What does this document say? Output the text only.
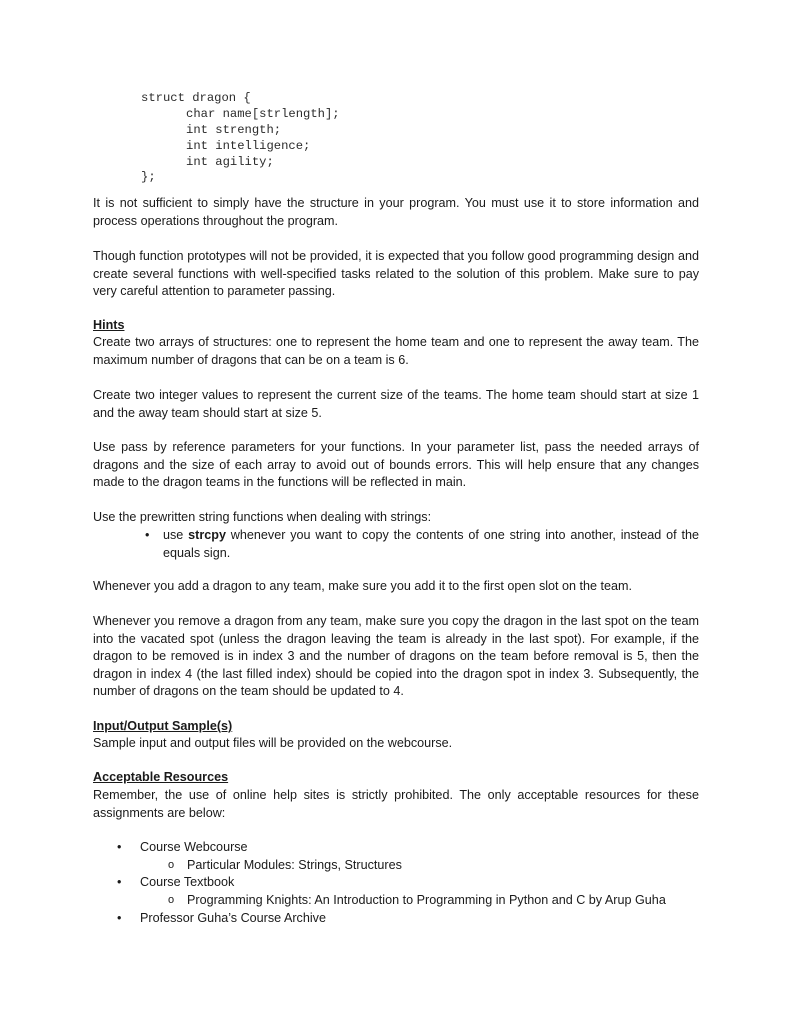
struct dragon {
char name[strlength];
int strength;
int intelligence;
int agility;
};

It is not sufficient to simply have the structure in your program. You must use it to store information and process operations throughout the program.

Though function prototypes will not be provided, it is expected that you follow good programming design and create several functions with well-specified tasks related to the solution of this problem. Make sure to pay very careful attention to parameter passing.

Hints

Create two arrays of structures: one to represent the home team and one to represent the away team. The maximum number of dragons that can be on a team is 6.

Create two integer values to represent the current size of the teams. The home team should start at size 1 and the away team should start at size 5.

Use pass by reference parameters for your functions. In your parameter list, pass the needed arrays of dragons and the size of each array to avoid out of bounds errors. This will help ensure that any changes made to the dragon teams in the functions will be reflected in main.

Use the prewritten string functions when dealing with strings:

• use strcpy whenever you want to copy the contents of one string into another, instead of the equals sign.

Whenever you add a dragon to any team, make sure you add it to the first open slot on the team.

Whenever you remove a dragon from any team, make sure you copy the dragon in the last spot on the team into the vacated spot (unless the dragon leaving the team is already in the last spot). For example, if the dragon to be removed is in index 3 and the number of dragons on the team before removal is 5, then the dragon in index 4 (the last filled index) should be copied into the dragon spot in index 3. Subsequently, the number of dragons on the team should be updated to 4.

Input/Output Sample(s)

Sample input and output files will be provided on the webcourse.

Acceptable Resources

Remember, the use of online help sites is strictly prohibited. The only acceptable resources for these assignments are below:

• Course Webcourse
o Particular Modules: Strings, Structures
• Course Textbook
o Programming Knights: An Introduction to Programming in Python and C by Arup Guha
• Professor Guha’s Course Archive
